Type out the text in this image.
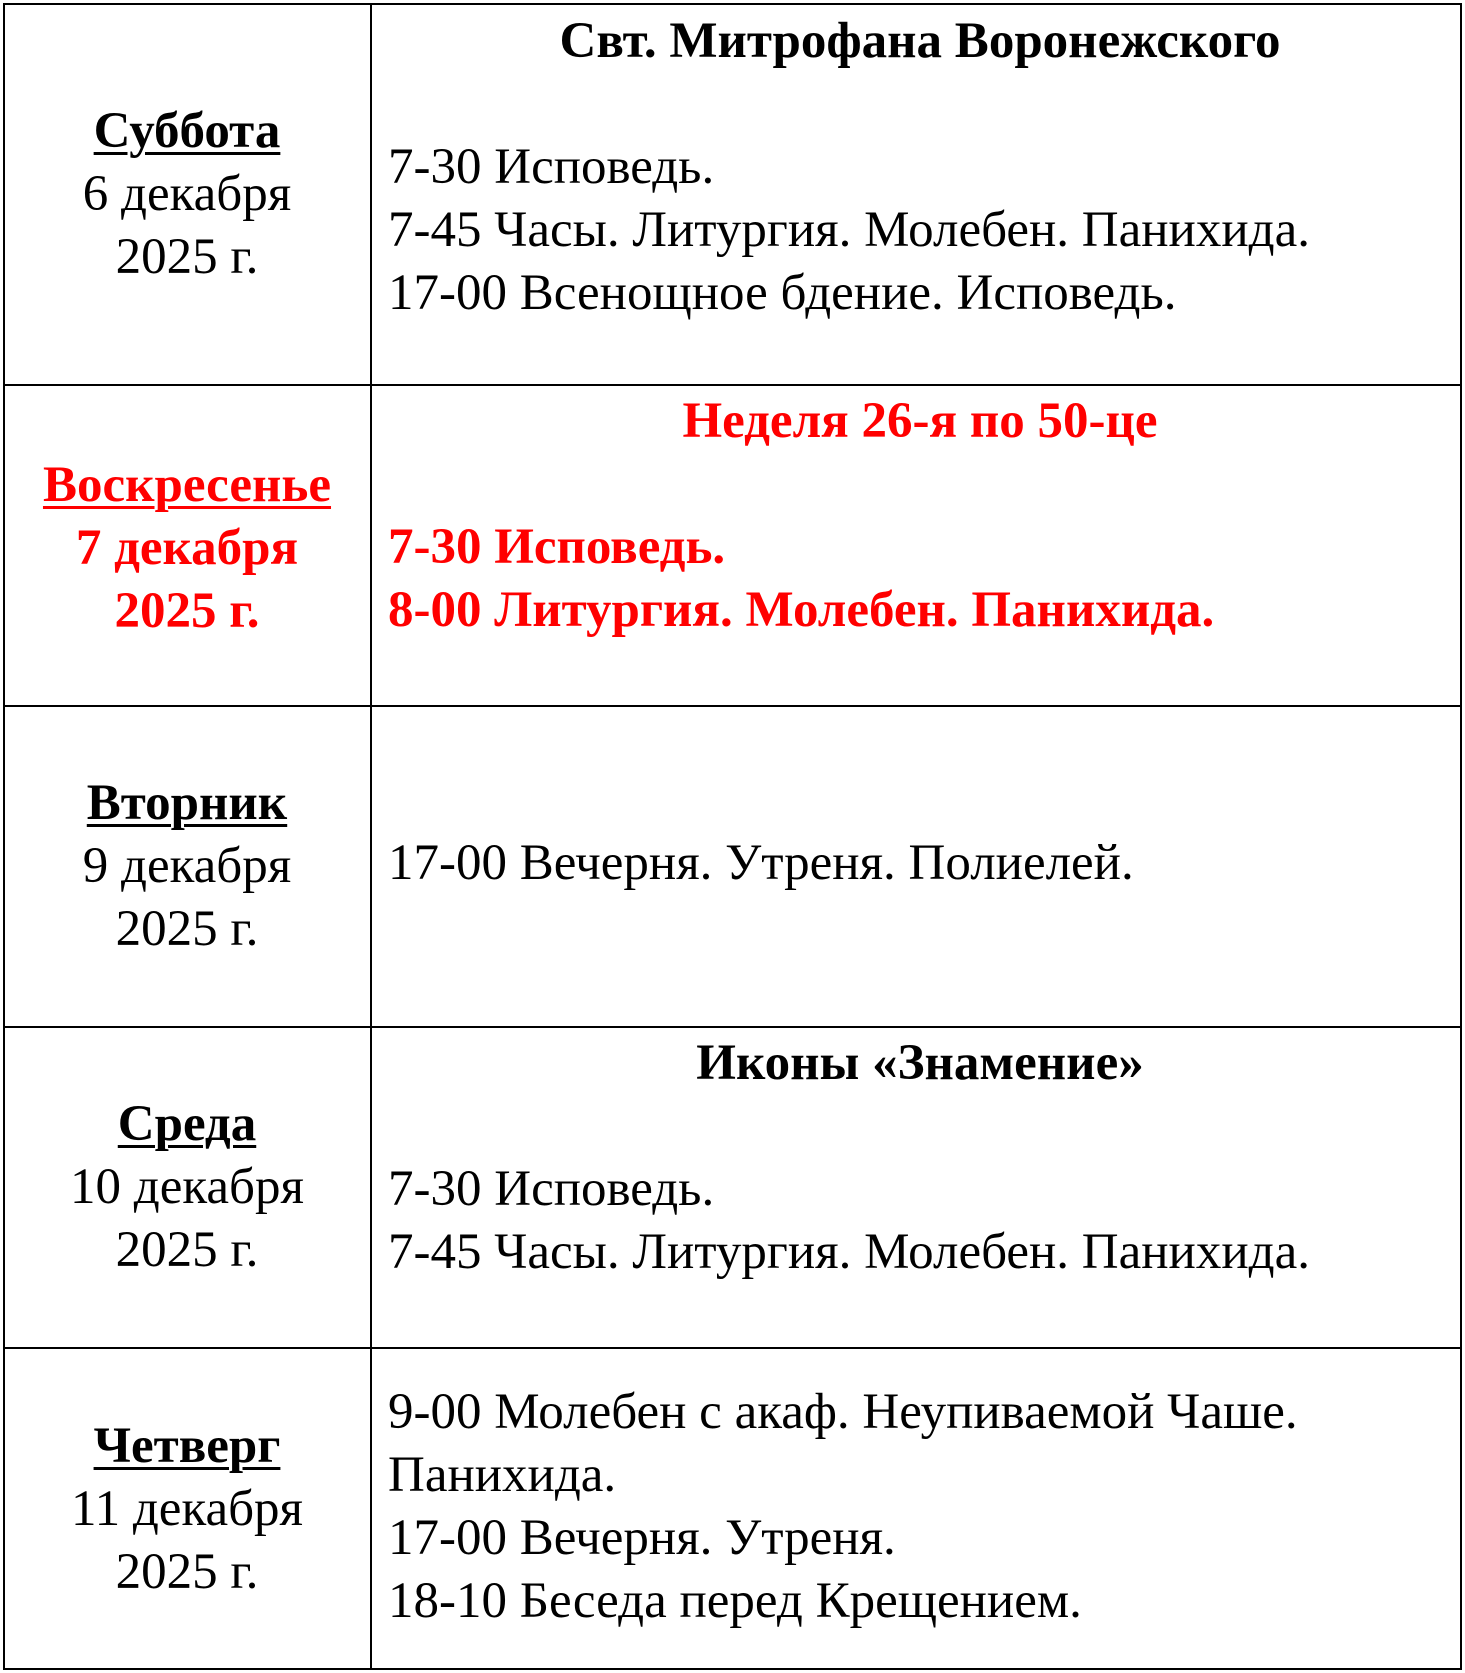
Суббота
6 декабря
2025 г.
Свт. Митрофана Воронежского
7-30 Исповедь.
7-45 Часы. Литургия. Молебен. Панихида.
17-00 Всенощное бдение. Исповедь.
Воскресенье
7 декабря
2025 г.
Неделя 26-я по 50-це
7-30 Исповедь.
8-00 Литургия. Молебен. Панихида.
Вторник
9 декабря
2025 г.
17-00 Вечерня. Утреня. Полиелей.
Среда
10 декабря
2025 г.
Иконы «Знамение»
7-30 Исповедь.
7-45 Часы. Литургия. Молебен. Панихида.
Четверг
11 декабря
2025 г.
9-00 Молебен с акаф. Неупиваемой Чаше.
Панихида.
17-00 Вечерня. Утреня.
18-10 Беседа перед Крещением.
